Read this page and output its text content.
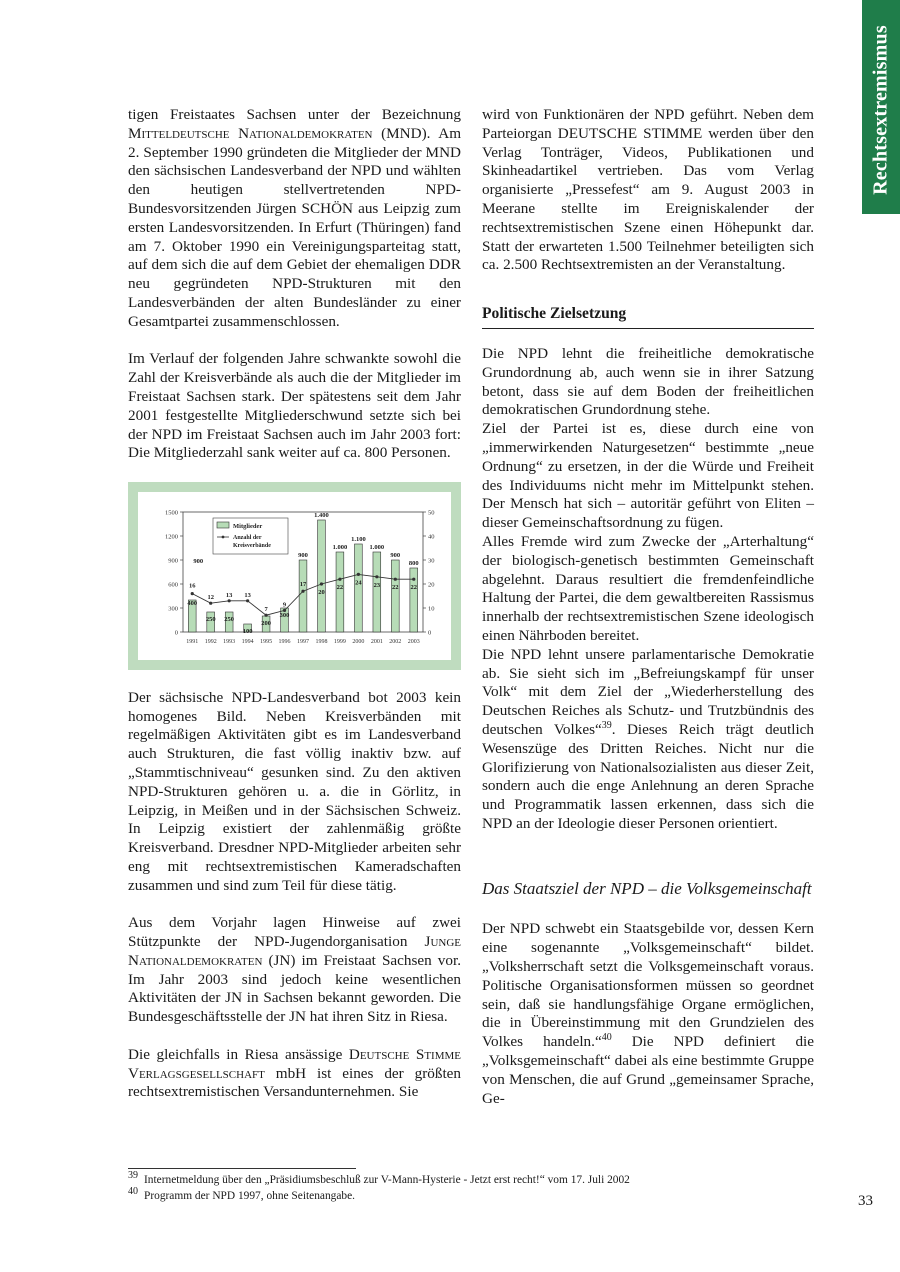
Rechtsextremismus

tigen Freistaates Sachsen unter der Bezeichnung Mitteldeutsche Nationaldemokraten (MND). Am 2. September 1990 gründeten die Mitglieder der MND den sächsischen Landesverband der NPD und wählten den heutigen stellvertretenden NPD-Bundesvorsitzenden Jürgen SCHÖN aus Leipzig zum ersten Landesvorsitzenden. In Erfurt (Thüringen) fand am 7. Oktober 1990 ein Vereinigungsparteitag statt, auf dem sich die auf dem Gebiet der ehemaligen DDR neu gegründeten NPD-Strukturen mit den Landesverbänden der alten Bundesländer zu einer Gesamtpartei zusammenschlossen.

Im Verlauf der folgenden Jahre schwankte sowohl die Zahl der Kreisverbände als auch die der Mitglieder im Freistaat Sachsen stark. Der spätestens seit dem Jahr 2001 festgestellte Mitgliederschwund setzte sich bei der NPD im Freistaat Sachsen auch im Jahr 2003 fort: Die Mitgliederzahl sank weiter auf ca. 800 Personen.

0
300
600
900
1200
1500
0
10
20
30
40
50
1991 1992 1993 1994 1995 1996 1997 1998 1999 2000 2001 2002 2003
400
250 250
100
200
300
900
1.400
1.000
1.100
1.000
900
800
16
12 13 13
7
9
17
20
22
24 23 22 22
900
Mitglieder
Anzahl der
Kreisverbände

Der sächsische NPD-Landesverband bot 2003 kein homogenes Bild. Neben Kreisverbänden mit regelmäßigen Aktivitäten gibt es im Landesverband auch Strukturen, die fast völlig inaktiv bzw. auf „Stammtischniveau“ gesunken sind. Zu den aktiven NPD-Strukturen gehören u. a. die in Görlitz, in Leipzig, in Meißen und in der Sächsischen Schweiz. In Leipzig existiert der zahlenmäßig größte Kreisverband. Dresdner NPD-Mitglieder arbeiten sehr eng mit rechtsextremistischen Kameradschaften zusammen und sind zum Teil für diese tätig.

Aus dem Vorjahr lagen Hinweise auf zwei Stützpunkte der NPD-Jugendorganisation Junge Nationaldemokraten (JN) im Freistaat Sachsen vor. Im Jahr 2003 sind jedoch keine wesentlichen Aktivitäten der JN in Sachsen bekannt geworden. Die Bundesgeschäftsstelle der JN hat ihren Sitz in Riesa.

Die gleichfalls in Riesa ansässige Deutsche Stimme Verlagsgesellschaft mbH ist eines der größten rechtsextremistischen Versandunternehmen. Sie

wird von Funktionären der NPD geführt. Neben dem Parteiorgan DEUTSCHE STIMME werden über den Verlag Tonträger, Videos, Publikationen und Skinheadartikel vertrieben. Das vom Verlag organisierte „Pressefest“ am 9. August 2003 in Meerane stellte im Ereigniskalender der rechtsextremistischen Szene einen Höhepunkt dar. Statt der erwarteten 1.500 Teilnehmer beteiligten sich ca. 2.500 Rechtsextremisten an der Veranstaltung.

Politische Zielsetzung

Die NPD lehnt die freiheitliche demokratische Grundordnung ab, auch wenn sie in ihrer Satzung betont, dass sie auf dem Boden der freiheitlichen demokratischen Grundordnung stehe.

Ziel der Partei ist es, diese durch eine von „immerwirkenden Naturgesetzen“ bestimmte „neue Ordnung“ zu ersetzen, in der die Würde und Freiheit des Individuums nicht mehr im Mittelpunkt stehen. Der Mensch hat sich – autoritär geführt von Eliten – dieser Gemeinschaftsordnung zu fügen.

Alles Fremde wird zum Zwecke der „Arterhaltung“ der biologisch-genetisch bestimmten Gemeinschaft abgelehnt. Daraus resultiert die fremdenfeindliche Haltung der Partei, die dem gewaltbereiten Rassismus innerhalb der rechtsextremistischen Szene ideologisch einen Nährboden bereitet.

Die NPD lehnt unsere parlamentarische Demokratie ab. Sie sieht sich im „Befreiungskampf für unser Volk“ mit dem Ziel der „Wiederherstellung des Deutschen Reiches als Schutz- und Trutzbündnis des deutschen Volkes“$^{39}$. Dieses Reich trägt deutlich Wesenszüge des Dritten Reiches. Nicht nur die Glorifizierung von Nationalsozialisten aus dieser Zeit, sondern auch die enge Anlehnung an deren Sprache und Programmatik lassen erkennen, dass sich die NPD an der Ideologie dieser Personen orientiert.

Das Staatsziel der NPD – die Volksgemeinschaft

Der NPD schwebt ein Staatsgebilde vor, dessen Kern eine sogenannte „Volksgemeinschaft“ bildet. „Volksherrschaft setzt die Volksgemeinschaft voraus. Politische Organisationsformen müssen so geordnet sein, daß sie handlungsfähige Organe ermöglichen, die in Übereinstimmung mit den Grundzielen des Volkes handeln.“$^{40}$ Die NPD definiert die „Volksgemeinschaft“ dabei als eine bestimmte Gruppe von Menschen, die auf Grund „gemeinsamer Sprache, Ge-

$^{39}$ Internetmeldung über den „Präsidiumsbeschluß zur V-Mann-Hysterie - Jetzt erst recht!“ vom 17. Juli 2002
$^{40}$ Programm der NPD 1997, ohne Seitenangabe.	33
